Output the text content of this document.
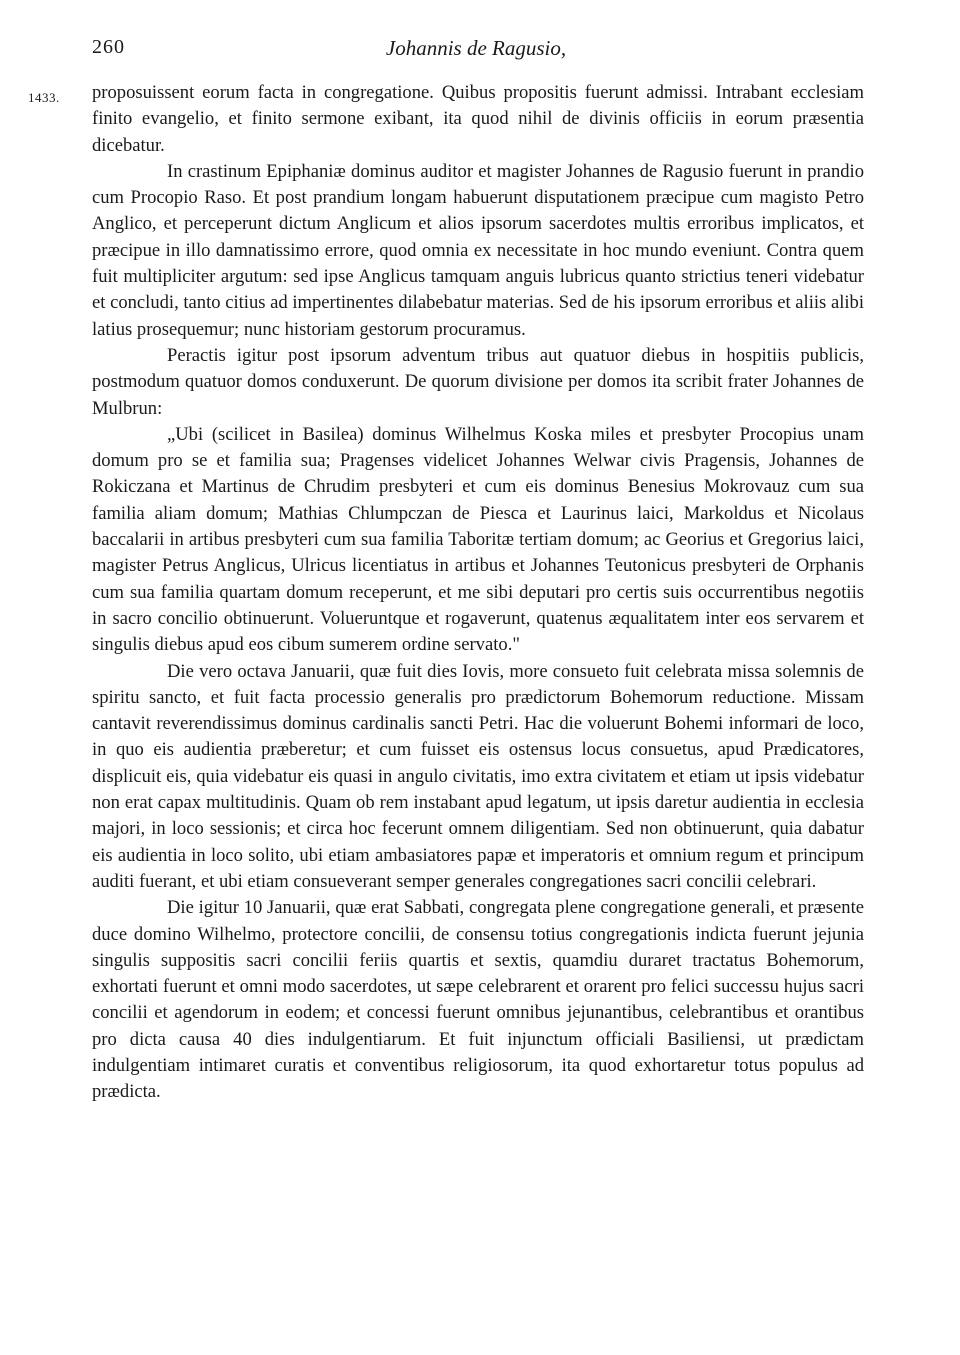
260	Johannis de Ragusio,
1433. proposuissent eorum facta in congregatione. Quibus propositis fuerunt admissi. Intrabant ecclesiam finito evangelio, et finito sermone exibant, ita quod nihil de divinis officiis in eorum præsentia dicebatur.

In crastinum Epiphaniæ dominus auditor et magister Johannes de Ragusio fuerunt in prandio cum Procopio Raso. Et post prandium longam habuerunt disputationem præcipue cum magisto Petro Anglico, et perceperunt dictum Anglicum et alios ipsorum sacerdotes multis erroribus implicatos, et præcipue in illo damnatissimo errore, quod omnia ex necessitate in hoc mundo eveniunt. Contra quem fuit multipliciter argutum: sed ipse Anglicus tamquam anguis lubricus quanto strictius teneri videbatur et concludi, tanto citius ad impertinentes dilabebatur materias. Sed de his ipsorum erroribus et aliis alibi latius prosequemur; nunc historiam gestorum procuramus.

Peractis igitur post ipsorum adventum tribus aut quatuor diebus in hospitiis publicis, postmodum quatuor domos conduxerunt. De quorum divisione per domos ita scribit frater Johannes de Mulbrun:

„Ubi (scilicet in Basilea) dominus Wilhelmus Koska miles et presbyter Procopius unam domum pro se et familia sua; Pragenses videlicet Johannes Welwar civis Pragensis, Johannes de Rokiczana et Martinus de Chrudim presbyteri et cum eis dominus Benesius Mokrovauz cum sua familia aliam domum; Mathias Chlumpczan de Piesca et Laurinus laici, Markoldus et Nicolaus baccalarii in artibus presbyteri cum sua familia Taboritæ tertiam domum; ac Georius et Gregorius laici, magister Petrus Anglicus, Ulricus licentiatus in artibus et Johannes Teutonicus presbyteri de Orphanis cum sua familia quartam domum receperunt, et me sibi deputari pro certis suis occurrentibus negotiis in sacro concilio obtinuerunt. Volueruntque et rogaverunt, quatenus æqualitatem inter eos servarem et singulis diebus apud eos cibum sumerem ordine servato."

Die vero octava Januarii, quæ fuit dies Iovis, more consueto fuit celebrata missa solemnis de spiritu sancto, et fuit facta processio generalis pro prædictorum Bohemorum reductione. Missam cantavit reverendissimus dominus cardinalis sancti Petri. Hac die voluerunt Bohemi informari de loco, in quo eis audientia præberetur; et cum fuisset eis ostensus locus consuetus, apud Prædicatores, displicuit eis, quia videbatur eis quasi in angulo civitatis, imo extra civitatem et etiam ut ipsis videbatur non erat capax multitudinis. Quam ob rem instabant apud legatum, ut ipsis daretur audientia in ecclesia majori, in loco sessionis; et circa hoc fecerunt omnem diligentiam. Sed non obtinuerunt, quia dabatur eis audientia in loco solito, ubi etiam ambasiatores papæ et imperatoris et omnium regum et principum auditi fuerant, et ubi etiam consueverant semper generales congregationes sacri concilii celebrari.

Die igitur 10 Januarii, quæ erat Sabbati, congregata plene congregatione generali, et præsente duce domino Wilhelmo, protectore concilii, de consensu totius congregationis indicta fuerunt jejunia singulis suppositis sacri concilii feriis quartis et sextis, quamdiu duraret tractatus Bohemorum, exhortati fuerunt et omni modo sacerdotes, ut sæpe celebrarent et orarent pro felici successu hujus sacri concilii et agendorum in eodem; et concessi fuerunt omnibus jejunantibus, celebrantibus et orantibus pro dicta causa 40 dies indulgentiarum. Et fuit injunctum officiali Basiliensi, ut prædictam indulgentiam intimaret curatis et conventibus religiosorum, ita quod exhortaretur totus populus ad prædicta.
